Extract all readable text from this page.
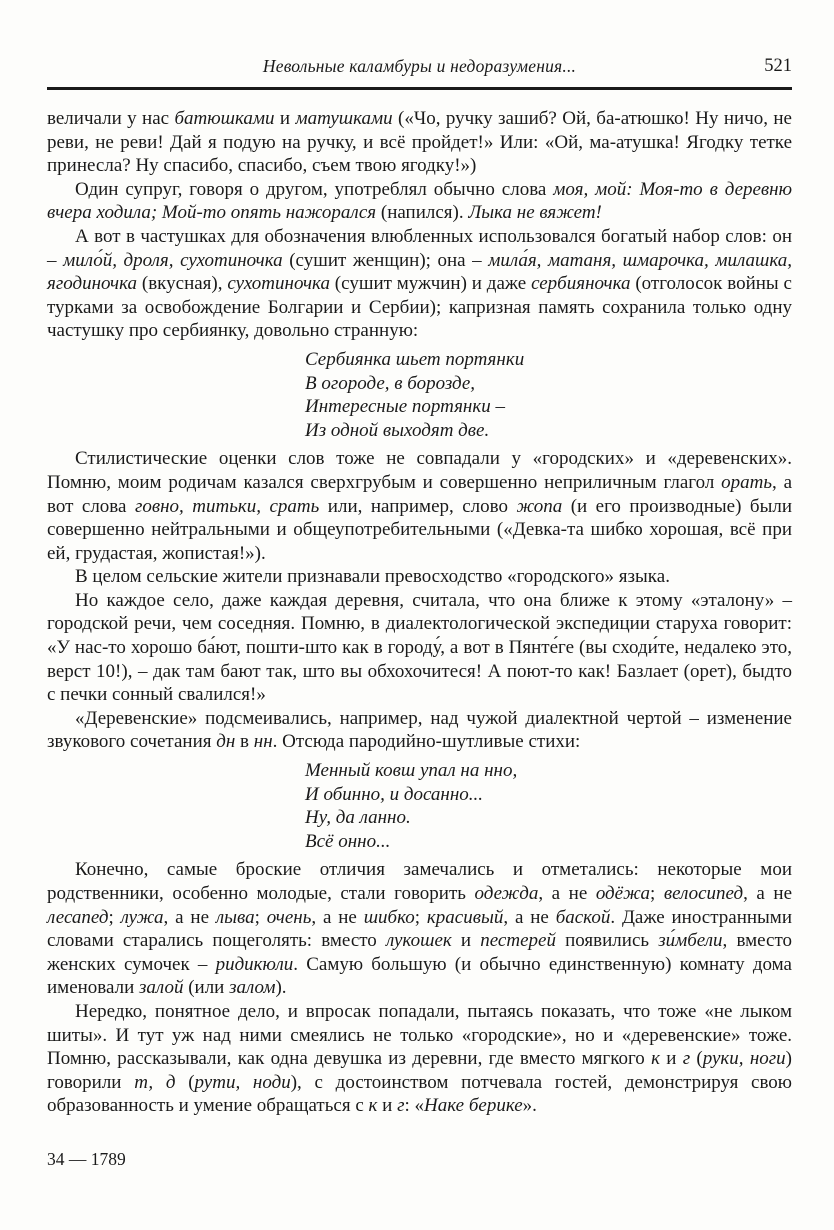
Невольные каламбуры и недоразумения...	521

величали у нас батюшками и матушками («Чо, ручку зашиб? Ой, ба-атюшко! Ну ничо, не реви, не реви! Дай я подую на ручку, и всё пройдет!» Или: «Ой, ма-атушка! Ягодку тетке принесла? Ну спасибо, спасибо, съем твою ягодку!»)

Один супруг, говоря о другом, употреблял обычно слова моя, мой: Моя-то в деревню вчера ходила; Мой-то опять нажорался (напился). Лыка не вяжет!

А вот в частушках для обозначения влюбленных использовался богатый набор слов: он – мило́й, дроля, сухотиночка (сушит женщин); она – мила́я, матаня, шмарочка, милашка, ягодиночка (вкусная), сухотиночка (сушит мужчин) и даже сербияночка (отголосок войны с турками за освобождение Болгарии и Сербии); капризная память сохранила только одну частушку про сербиянку, довольно странную:

Сербиянка шьет портянки
В огороде, в борозде,
Интересные портянки –
Из одной выходят две.

Стилистические оценки слов тоже не совпадали у «городских» и «деревенских». Помню, моим родичам казался сверхгрубым и совершенно неприличным глагол орать, а вот слова говно, титьки, срать или, например, слово жопа (и его производные) были совершенно нейтральными и общеупотребительными («Девка-та шибко хорошая, всё при ей, грудастая, жопистая!»).

В целом сельские жители признавали превосходство «городского» языка.

Но каждое село, даже каждая деревня, считала, что она ближе к этому «эталону» – городской речи, чем соседняя. Помню, в диалектологической экспедиции старуха говорит: «У нас-то хорошо ба́ют, пошти-што как в городу́, а вот в Пянте́ге (вы сходи́те, недалеко это, верст 10!), – дак там бают так, што вы обхохочитеся! А поют-то как! Базлает (орет), быдто с печки сонный свалился!»

«Деревенские» подсмеивались, например, над чужой диалектной чертой – изменение звукового сочетания дн в нн. Отсюда пародийно-шутливые стихи:

Менный ковш упал на нно,
И обинно, и досанно...
Ну, да ланно.
Всё онно...

Конечно, самые броские отличия замечались и отметались: некоторые мои родственники, особенно молодые, стали говорить одежда, а не одёжа; велосипед, а не лесапед; лужа, а не лыва; очень, а не шибко; красивый, а не баской. Даже иностранными словами старались пощеголять: вместо лукошек и пестерей появились зи́мбели, вместо женских сумочек – ридикюли. Самую большую (и обычно единственную) комнату дома именовали залой (или залом).

Нередко, понятное дело, и впросак попадали, пытаясь показать, что тоже «не лыком шиты». И тут уж над ними смеялись не только «городские», но и «деревенские» тоже. Помню, рассказывали, как одна девушка из деревни, где вместо мягкого к и г (руки, ноги) говорили т, д (рути, ноди), с достоинством потчевала гостей, демонстрируя свою образованность и умение обращаться с к и г: «Наке берике».

34 — 1789
